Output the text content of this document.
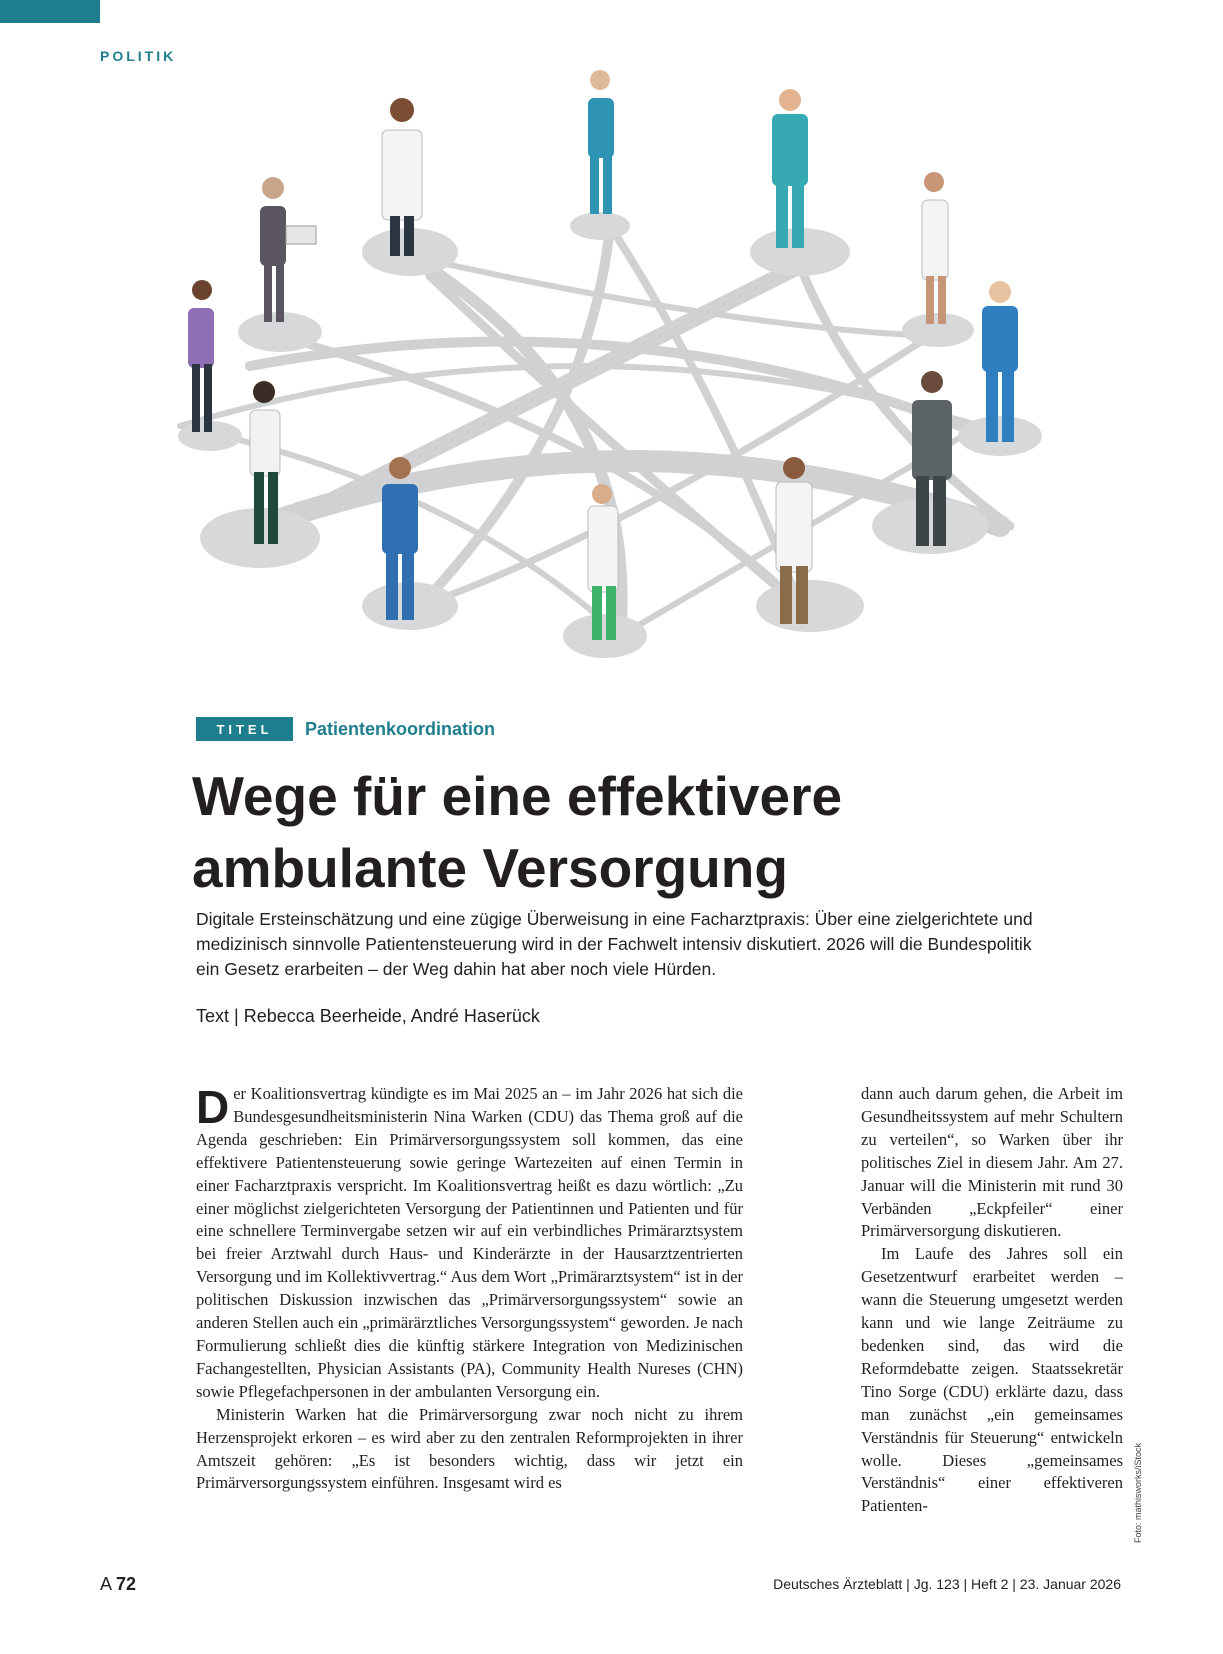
POLITIK
TITEL	Patientenkoordination
Wege für eine effektivere
ambulante Versorgung

Digitale Ersteinschätzung und eine zügige Überweisung in eine Facharztpraxis: Über eine zielgerichtete und medizinisch sinnvolle Patientensteuerung wird in der Fachwelt intensiv diskutiert. 2026 will die Bundespolitik ein Gesetz erarbeiten – der Weg dahin hat aber noch viele Hürden.

Text | Rebecca Beerheide, André Haserück

Der Koalitionsvertrag kündigte es im Mai 2025 an – im Jahr 2026 hat sich die Bundesgesundheitsministerin Nina Warken (CDU) das Thema groß auf die Agenda geschrieben: Ein Primärversorgungssystem soll kommen, das eine effektivere Patientensteuerung sowie geringe Wartezeiten auf einen Termin in einer Facharztpraxis verspricht. Im Koalitionsvertrag heißt es dazu wörtlich: „Zu einer möglichst zielgerichteten Versorgung der Patientinnen und Patienten und für eine schnellere Terminvergabe setzen wir auf ein verbindliches Primärarztsystem bei freier Arztwahl durch Haus- und Kinderärzte in der Hausarztzentrierten Versorgung und im Kollektivvertrag.“ Aus dem Wort „Primärarztsystem“ ist in der politischen Diskussion inzwischen das „Primärversorgungssystem“ sowie an anderen Stellen auch ein „primärärztliches Versorgungssystem“ geworden. Je nach Formulierung schließt dies die künftig stärkere Integration von Medizinischen Fachangestellten, Physician Assistants (PA), Community Health Nureses (CHN) sowie Pflegefachpersonen in der ambulanten Versorgung ein.

Ministerin Warken hat die Primärversorgung zwar noch nicht zu ihrem Herzensprojekt erkoren – es wird aber zu den zentralen Reformprojekten in ihrer Amtszeit gehören: „Es ist besonders wichtig, dass wir jetzt ein Primärversorgungssystem einführen. Insgesamt wird es

dann auch darum gehen, die Arbeit im Gesundheitssystem auf mehr Schultern zu verteilen“, so Warken über ihr politisches Ziel in diesem Jahr. Am 27. Januar will die Ministerin mit rund 30 Verbänden „Eckpfeiler“ einer Primärversorgung diskutieren.

Im Laufe des Jahres soll ein Gesetzentwurf erarbeitet werden – wann die Steuerung umgesetzt werden kann und wie lange Zeiträume zu bedenken sind, das wird die Reformdebatte zeigen. Staatssekretär Tino Sorge (CDU) erklärte dazu, dass man zunächst „ein gemeinsames Verständnis für Steuerung“ entwickeln wolle. Dieses „gemeinsames Verständnis“ einer effektiveren Patienten-	Foto: mathisworks/iStock
A 72	Deutsches Ärzteblatt | Jg. 123 | Heft 2 | 23. Januar 2026
